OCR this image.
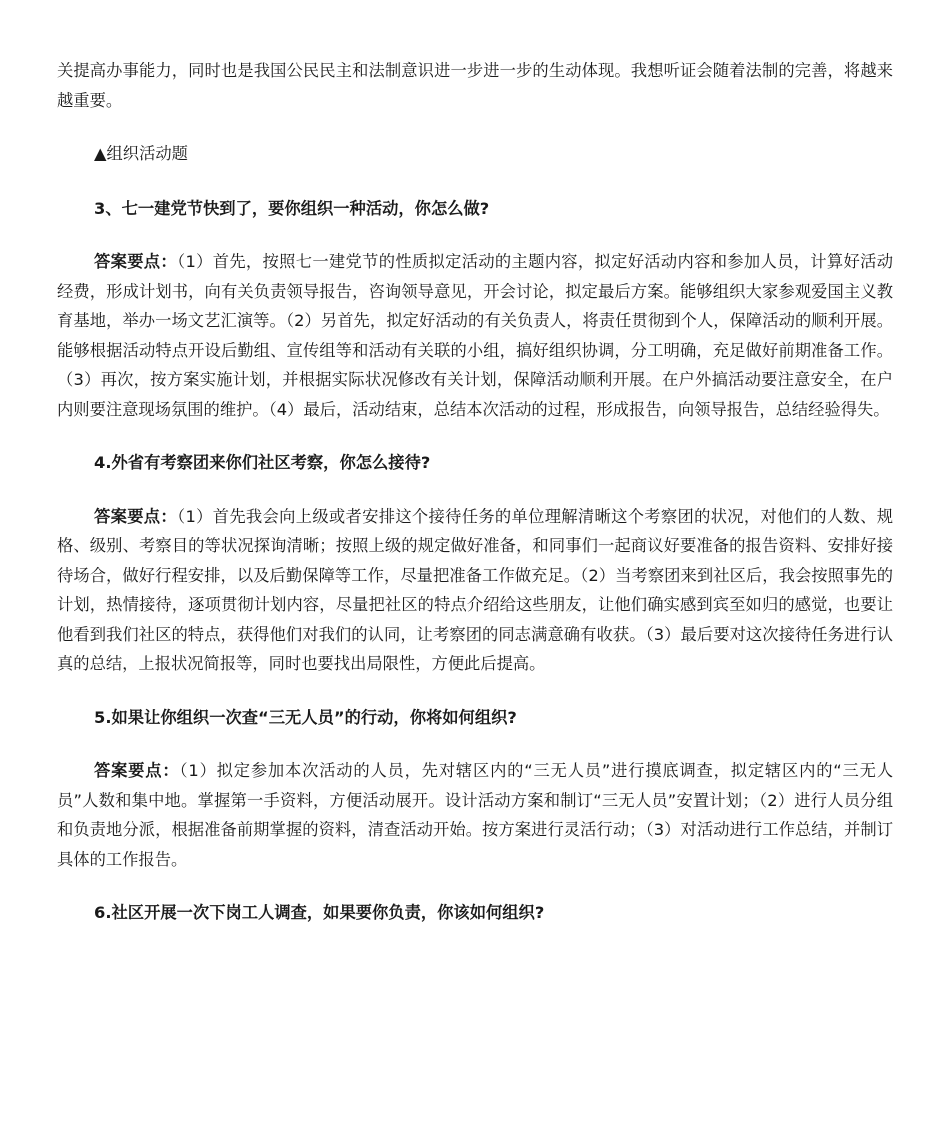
关提高办事能力，同时也是我国公民民主和法制意识进一步进一步的生动体现。我想听证会随着法制的完善，将越来越重要。

▲组织活动题

3、七一建党节快到了，要你组织一种活动，你怎么做?

答案要点：（1）首先，按照七一建党节的性质拟定活动的主题内容，拟定好活动内容和参加人员，计算好活动经费，形成计划书，向有关负责领导报告，咨询领导意见，开会讨论，拟定最后方案。能够组织大家参观爱国主义教育基地，举办一场文艺汇演等。（2）另首先，拟定好活动的有关负责人，将责任贯彻到个人，保障活动的顺利开展。能够根据活动特点开设后勤组、宣传组等和活动有关联的小组，搞好组织协调，分工明确，充足做好前期准备工作。（3）再次，按方案实施计划，并根据实际状况修改有关计划，保障活动顺利开展。在户外搞活动要注意安全，在户内则要注意现场氛围的维护。（4）最后，活动结束，总结本次活动的过程，形成报告，向领导报告，总结经验得失。

4.外省有考察团来你们社区考察，你怎么接待?

答案要点：（1）首先我会向上级或者安排这个接待任务的单位理解清晰这个考察团的状况，对他们的人数、规格、级别、考察目的等状况探询清晰；按照上级的规定做好准备，和同事们一起商议好要准备的报告资料、安排好接待场合，做好行程安排，以及后勤保障等工作，尽量把准备工作做充足。（2）当考察团来到社区后，我会按照事先的计划，热情接待，逐项贯彻计划内容，尽量把社区的特点介绍给这些朋友，让他们确实感到宾至如归的感觉，也要让他看到我们社区的特点，获得他们对我们的认同，让考察团的同志满意确有收获。（3）最后要对这次接待任务进行认真的总结，上报状况简报等，同时也要找出局限性，方便此后提高。

5.如果让你组织一次查“三无人员”的行动，你将如何组织?

答案要点：（1）拟定参加本次活动的人员，先对辖区内的“三无人员”进行摸底调查，拟定辖区内的“三无人员”人数和集中地。掌握第一手资料，方便活动展开。设计活动方案和制订“三无人员”安置计划；（2）进行人员分组和负责地分派，根据准备前期掌握的资料，清查活动开始。按方案进行灵活行动；（3）对活动进行工作总结，并制订具体的工作报告。

6.社区开展一次下岗工人调查，如果要你负责，你该如何组织?
